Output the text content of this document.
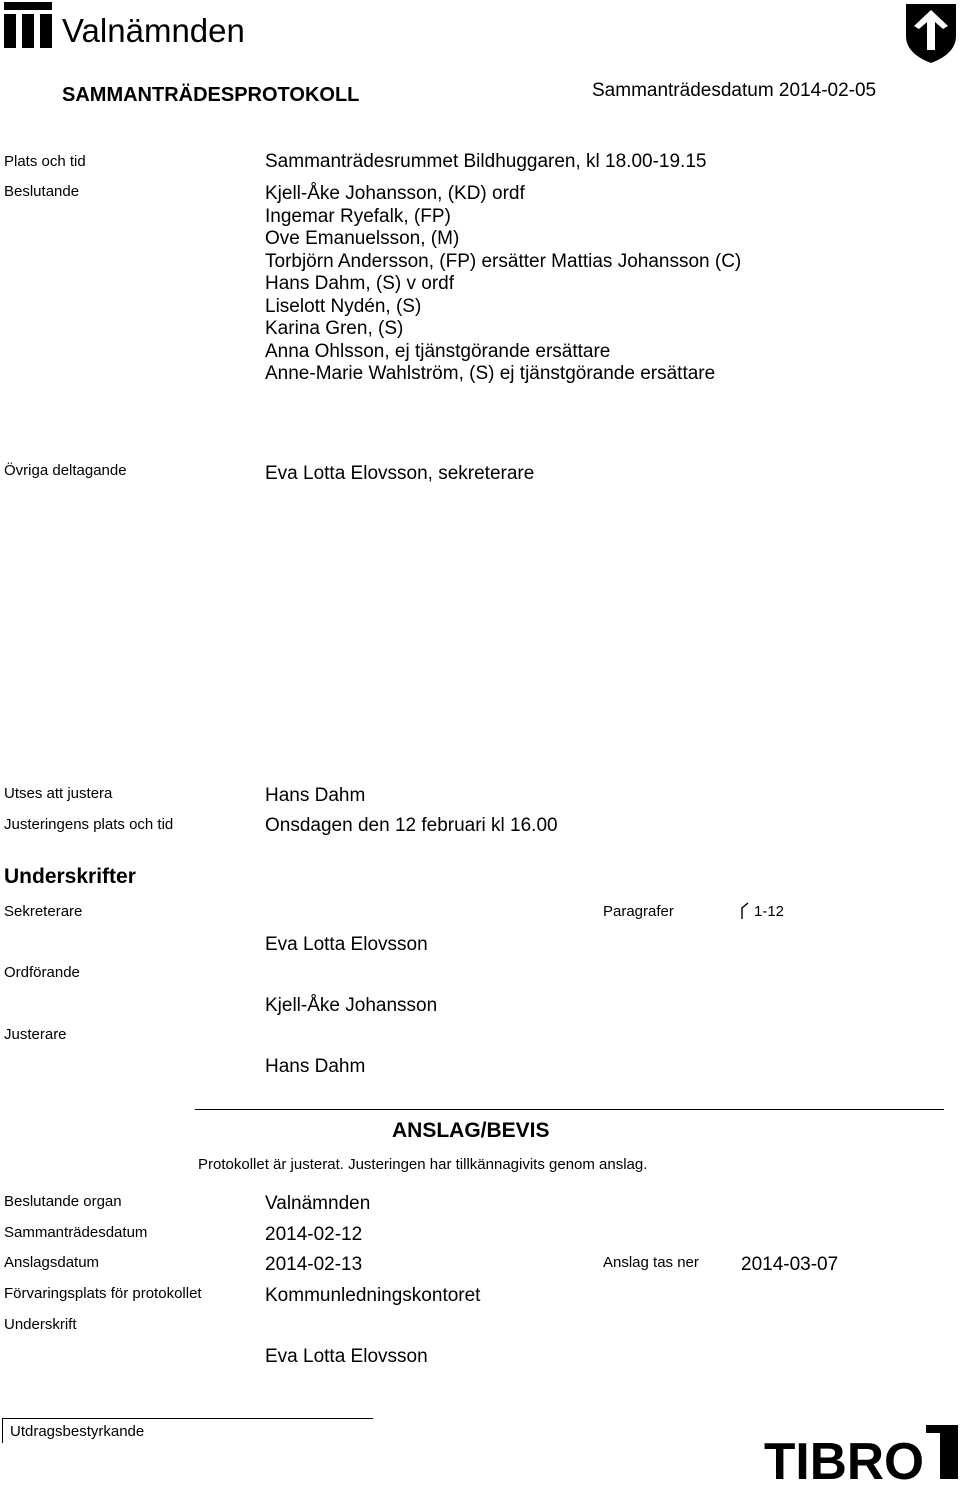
Valnämnden
SAMMANTRÄDESPROTOKOLL	Sammanträdesdatum 2014-02-05
Plats och tid	Sammanträdesrummet Bildhuggaren, kl 18.00-19.15
Beslutande	Kjell-Åke Johansson, (KD) ordf
Ingemar Ryefalk, (FP)
Ove Emanuelsson, (M)
Torbjörn Andersson, (FP) ersätter Mattias Johansson (C)
Hans Dahm, (S) v ordf
Liselott Nydén, (S)
Karina Gren, (S)
Anna Ohlsson, ej tjänstgörande ersättare
Anne-Marie Wahlström, (S) ej tjänstgörande ersättare
Övriga deltagande	Eva Lotta Elovsson, sekreterare
Utses att justera	Hans Dahm
Justeringens plats och tid	Onsdagen den 12 februari kl 16.00
Underskrifter
Sekreterare	Paragrafer	1-12
Eva Lotta Elovsson
Ordförande
Kjell-Åke Johansson
Justerare
Hans Dahm
ANSLAG/BEVIS
Protokollet är justerat. Justeringen har tillkännagivits genom anslag.
Beslutande organ	Valnämnden
Sammanträdesdatum	2014-02-12
Anslagsdatum	2014-02-13	Anslag tas ner 2014-03-07
Förvaringsplats för protokollet	Kommunledningskontoret
Underskrift
Eva Lotta Elovsson
Utdragsbestyrkande
TIBRO
